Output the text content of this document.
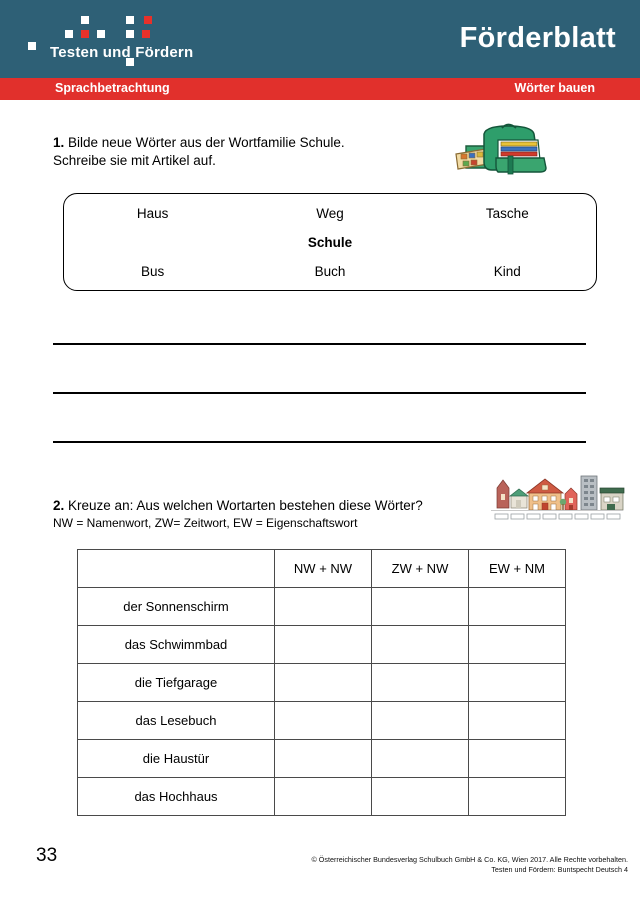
Testen und Fördern	Förderblatt
Sprachbetrachtung	Wörter bauen
1. Bilde neue Wörter aus der Wortfamilie Schule.
Schreibe sie mit Artikel auf.
Haus	Weg	Tasche
Schule
Bus	Buch	Kind
2. Kreuze an: Aus welchen Wortarten bestehen diese Wörter?
NW = Namenwort, ZW= Zeitwort, EW = Eigenschaftswort
	NW + NW	ZW + NW	EW + NM
der Sonnenschirm			
das Schwimmbad			
die Tiefgarage			
das Lesebuch			
die Haustür			
das Hochhaus			
33	© Österreichischer Bundesverlag Schulbuch GmbH & Co. KG, Wien 2017. Alle Rechte vorbehalten.
Testen und Fördern: Buntspecht Deutsch 4
